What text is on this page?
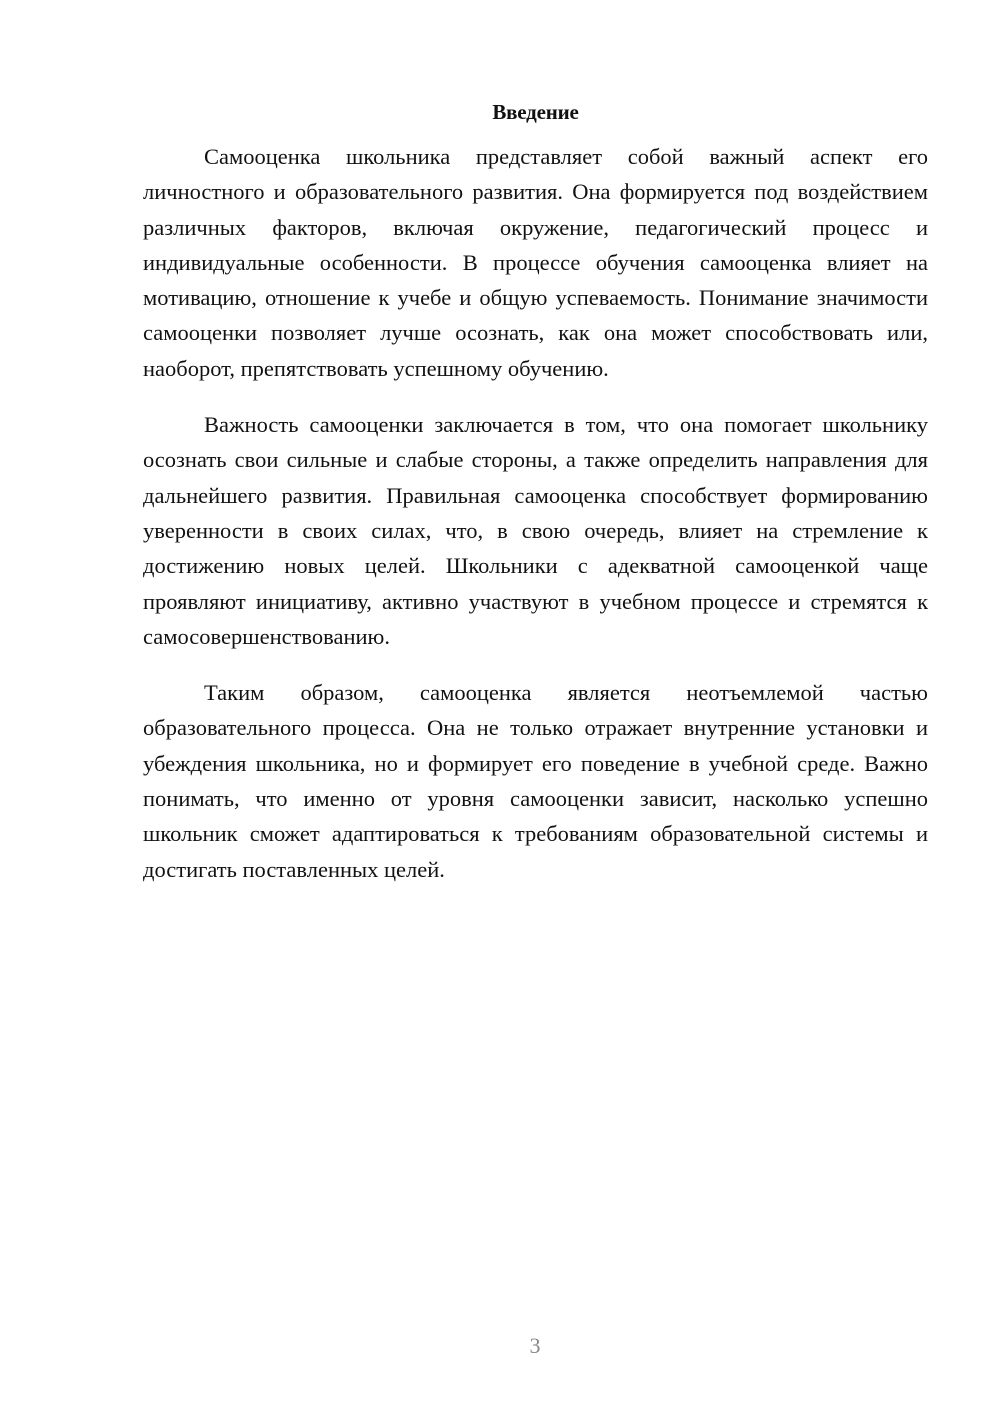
Введение

Самооценка школьника представляет собой важный аспект его личностного и образовательного развития. Она формируется под воздействием различных факторов, включая окружение, педагогический процесс и индивидуальные особенности. В процессе обучения самооценка влияет на мотивацию, отношение к учебе и общую успеваемость. Понимание значимости самооценки позволяет лучше осознать, как она может способствовать или, наоборот, препятствовать успешному обучению.

Важность самооценки заключается в том, что она помогает школьнику осознать свои сильные и слабые стороны, а также определить направления для дальнейшего развития. Правильная самооценка способствует формированию уверенности в своих силах, что, в свою очередь, влияет на стремление к достижению новых целей. Школьники с адекватной самооценкой чаще проявляют инициативу, активно участвуют в учебном процессе и стремятся к самосовершенствованию.

Таким образом, самооценка является неотъемлемой частью образовательного процесса. Она не только отражает внутренние установки и убеждения школьника, но и формирует его поведение в учебной среде. Важно понимать, что именно от уровня самооценки зависит, насколько успешно школьник сможет адаптироваться к требованиям образовательной системы и достигать поставленных целей.

3
